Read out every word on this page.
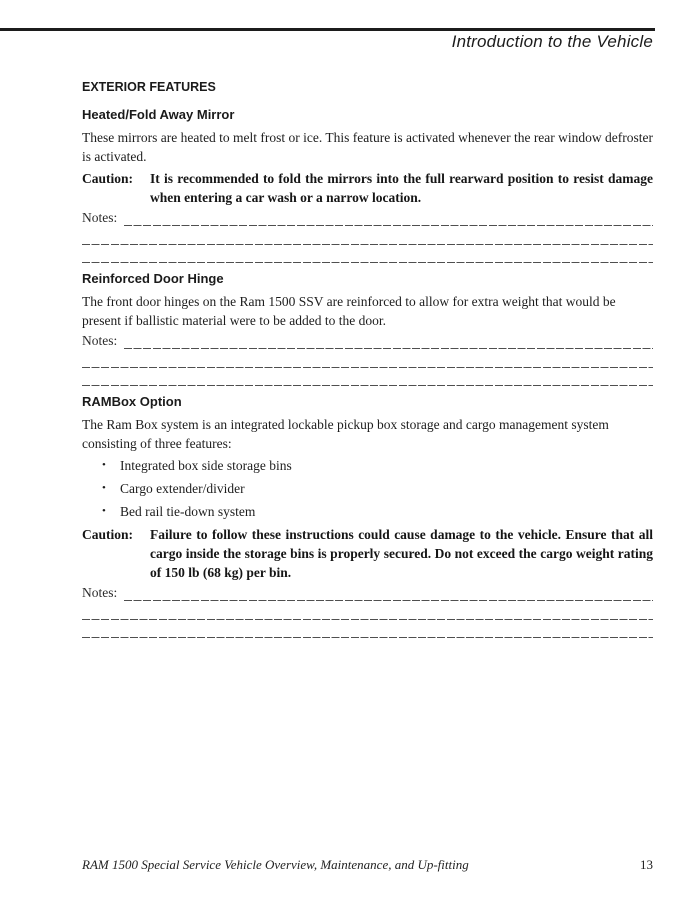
Introduction to the Vehicle
EXTERIOR FEATURES
Heated/Fold Away Mirror

These mirrors are heated to melt frost or ice. This feature is activated whenever the rear window defroster is activated.

Caution:	It is recommended to fold the mirrors into the full rearward position to resist damage when entering a car wash or a narrow location.
Notes:
Reinforced Door Hinge

The front door hinges on the Ram 1500 SSV are reinforced to allow for extra weight that would be present if ballistic material were to be added to the door.

Notes:
RAMBox Option

The Ram Box system is an integrated lockable pickup box storage and cargo management system consisting of three features:

•	Integrated box side storage bins
•	Cargo extender/divider
•	Bed rail tie-down system
Caution:	Failure to follow these instructions could cause damage to the vehicle. Ensure that all cargo inside the storage bins is properly secured. Do not exceed the cargo weight rating of 150 lb (68 kg) per bin.
Notes:
RAM 1500 Special Service Vehicle Overview, Maintenance, and Up-fitting	13
